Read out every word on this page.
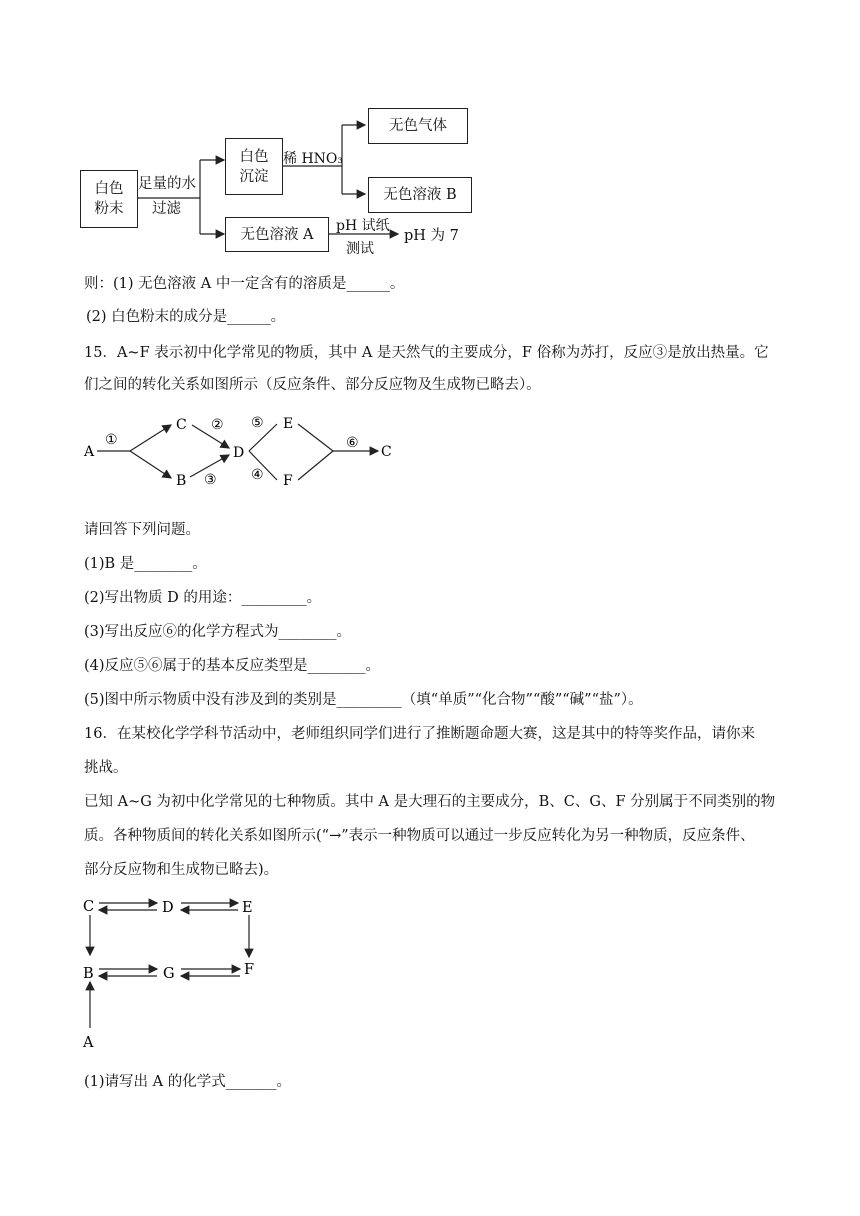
白色
粉末
足量的水
过滤
白色
沉淀
稀 HNO₃
无色气体
无色溶液 B
无色溶液 A
pH 试纸
测试
pH 为 7
则：(1) 无色溶液 A 中一定含有的溶质是______。
(2) 白色粉末的成分是______。
15．A~F 表示初中化学常见的物质，其中 A 是天然气的主要成分，F 俗称为苏打，反应③是放出热量。它
们之间的转化关系如图所示（反应条件、部分反应物及生成物已略去）。
A
①
C ②
B ③
D
⑤
④
E
F
⑥
C
请回答下列问题。
(1)B 是________。
(2)写出物质 D 的用途：_________。
(3)写出反应⑥的化学方程式为________。
(4)反应⑤⑥属于的基本反应类型是________。
(5)图中所示物质中没有涉及到的类别是_________（填“单质”“化合物”“酸”“碱”“盐”）。
16．在某校化学学科节活动中，老师组织同学们进行了推断题命题大赛，这是其中的特等奖作品，请你来
挑战。
已知 A~G 为初中化学常见的七种物质。其中 A 是大理石的主要成分，B、C、G、F 分别属于不同类别的物
质。各种物质间的转化关系如图所示(“→”表示一种物质可以通过一步反应转化为另一种物质，反应条件、
部分反应物和生成物已略去)。
C	D	E
B	G	F
A
(1)请写出 A 的化学式_______。
